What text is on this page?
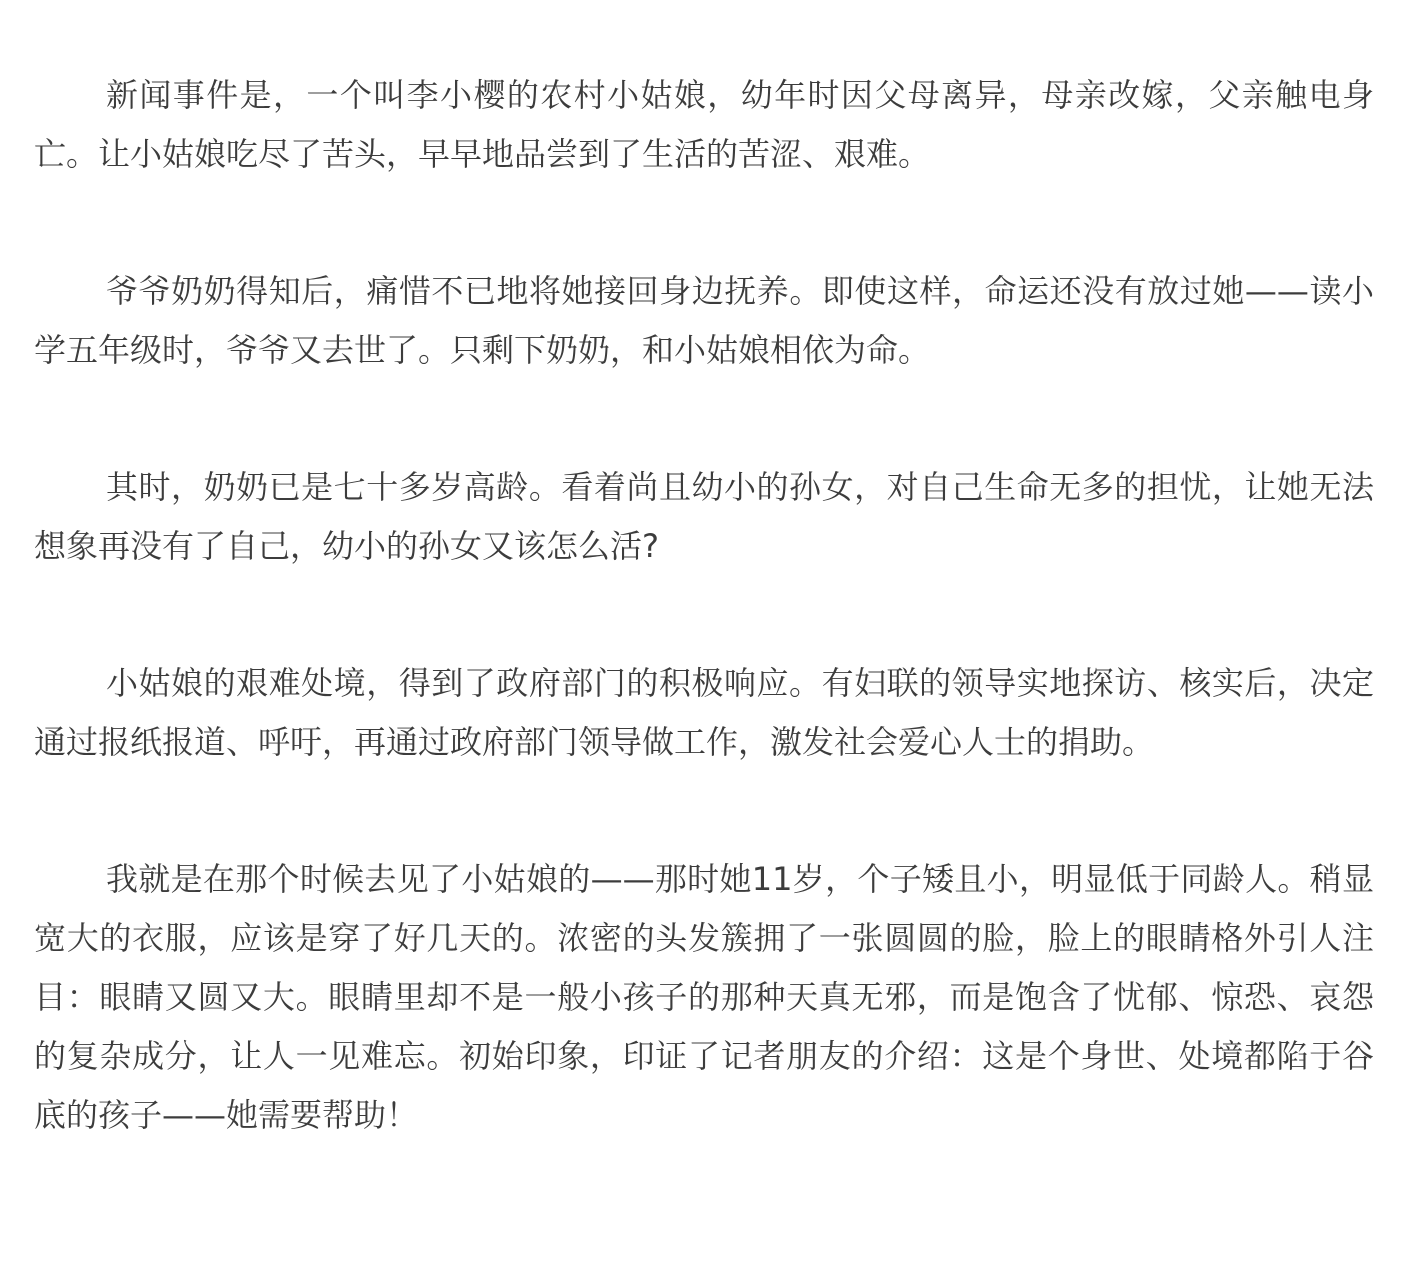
新闻事件是，一个叫李小樱的农村小姑娘，幼年时因父母离异，母亲改嫁，父亲触电身亡。让小姑娘吃尽了苦头，早早地品尝到了生活的苦涩、艰难。

爷爷奶奶得知后，痛惜不已地将她接回身边抚养。即使这样，命运还没有放过她——读小学五年级时，爷爷又去世了。只剩下奶奶，和小姑娘相依为命。

其时，奶奶已是七十多岁高龄。看着尚且幼小的孙女，对自己生命无多的担忧，让她无法想象再没有了自己，幼小的孙女又该怎么活?

小姑娘的艰难处境，得到了政府部门的积极响应。有妇联的领导实地探访、核实后，决定通过报纸报道、呼吁，再通过政府部门领导做工作，激发社会爱心人士的捐助。

我就是在那个时候去见了小姑娘的——那时她11岁，个子矮且小，明显低于同龄人。稍显宽大的衣服，应该是穿了好几天的。浓密的头发簇拥了一张圆圆的脸，脸上的眼睛格外引人注目：眼睛又圆又大。眼睛里却不是一般小孩子的那种天真无邪，而是饱含了忧郁、惊恐、哀怨的复杂成分，让人一见难忘。初始印象，印证了记者朋友的介绍：这是个身世、处境都陷于谷底的孩子——她需要帮助！
